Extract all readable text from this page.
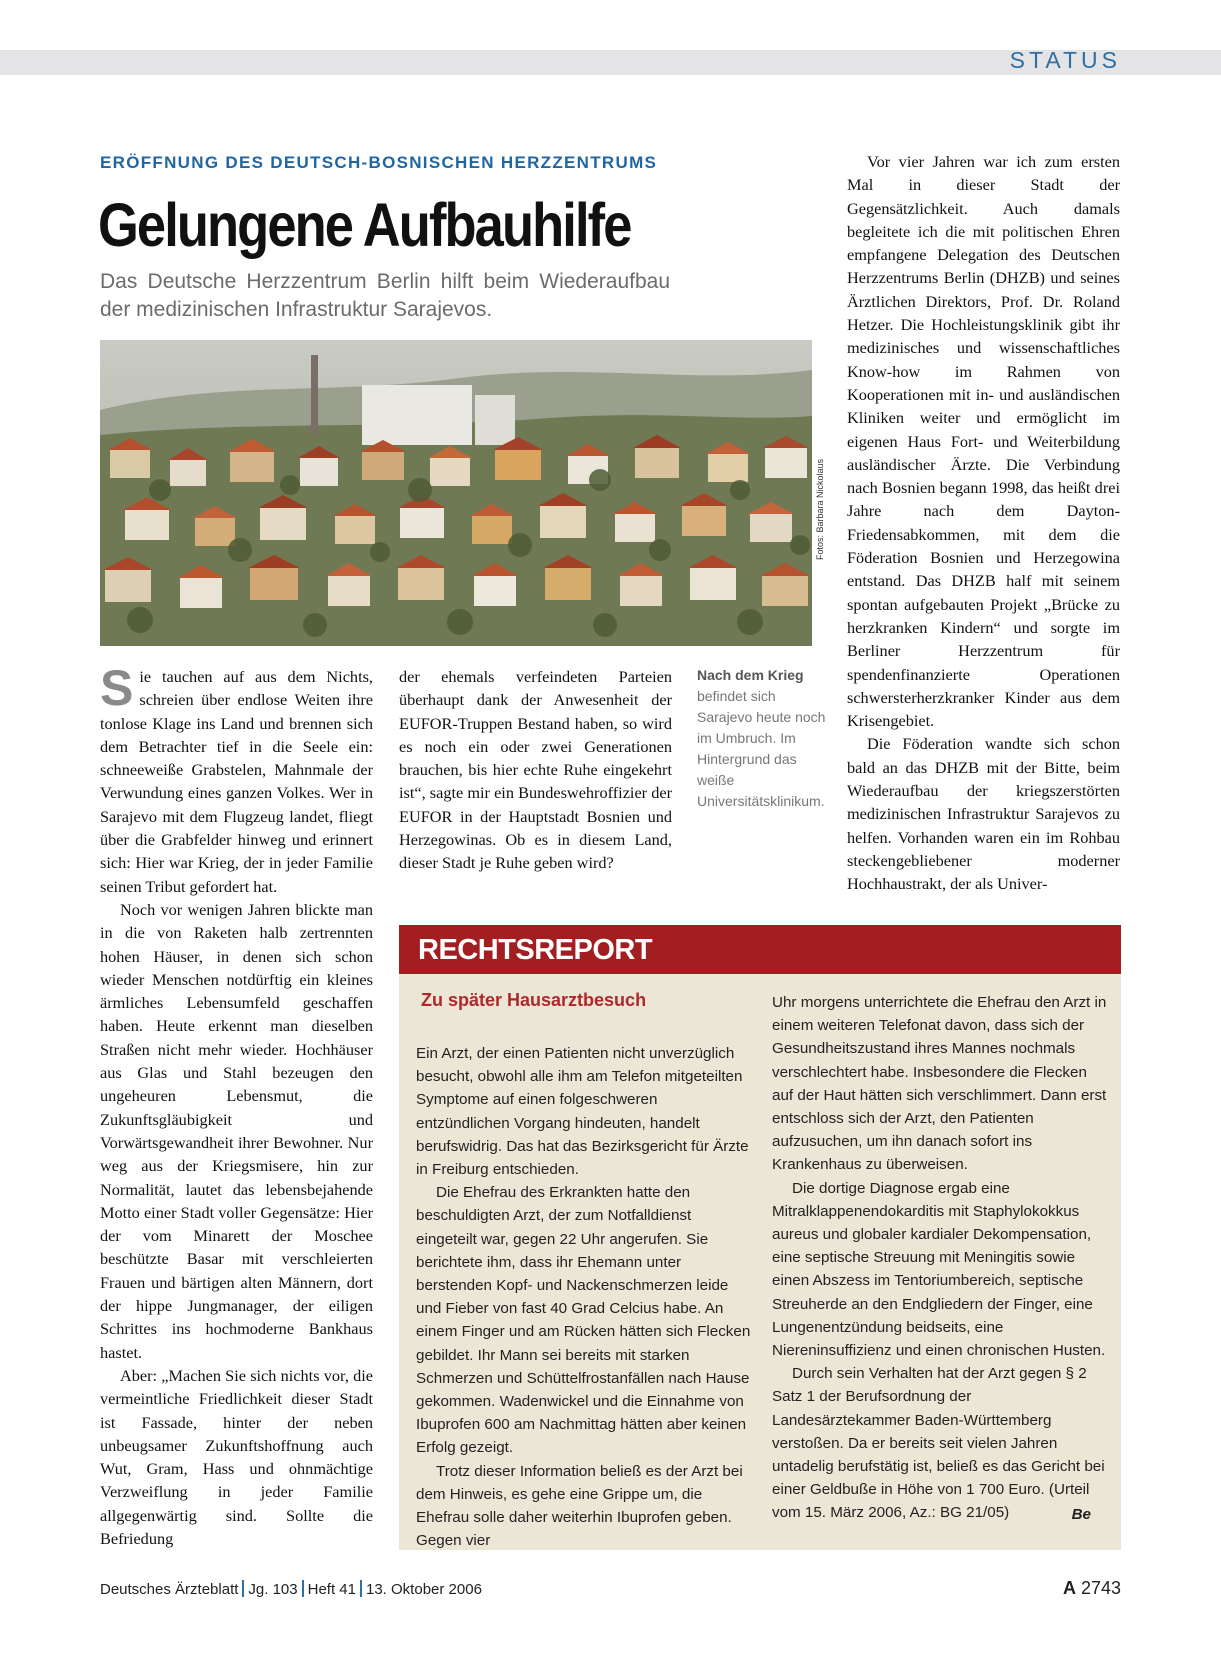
STATUS
ERÖFFNUNG DES DEUTSCH-BOSNISCHEN HERZZENTRUMS
Gelungene Aufbauhilfe
Das Deutsche Herzzentrum Berlin hilft beim Wiederaufbau der medizinischen Infrastruktur Sarajevos.
Fotos: Barbara Nickolaus

Sie tauchen auf aus dem Nichts, schreien über endlose Weiten ihre tonlose Klage ins Land und brennen sich dem Betrachter tief in die Seele ein: schneeweiße Grabstelen, Mahnmale der Verwundung eines ganzen Volkes. Wer in Sarajevo mit dem Flugzeug landet, fliegt über die Grabfelder hinweg und erinnert sich: Hier war Krieg, der in jeder Familie seinen Tribut gefordert hat.

Noch vor wenigen Jahren blickte man in die von Raketen halb zertrennten hohen Häuser, in denen sich schon wieder Menschen notdürftig ein kleines ärmliches Lebensumfeld geschaffen haben. Heute erkennt man dieselben Straßen nicht mehr wieder. Hochhäuser aus Glas und Stahl bezeugen den ungeheuren Lebensmut, die Zukunftsgläubigkeit und Vorwärtsgewandheit ihrer Bewohner. Nur weg aus der Kriegsmisere, hin zur Normalität, lautet das lebensbejahende Motto einer Stadt voller Gegensätze: Hier der vom Minarett der Moschee beschützte Basar mit verschleierten Frauen und bärtigen alten Männern, dort der hippe Jungmanager, der eiligen Schrittes ins hochmoderne Bankhaus hastet.

Aber: „Machen Sie sich nichts vor, die vermeintliche Friedlichkeit dieser Stadt ist Fassade, hinter der neben unbeugsamer Zukunftshoffnung auch Wut, Gram, Hass und ohnmächtige Verzweiflung in jeder Familie allgegenwärtig sind. Sollte die Befriedung

der ehemals verfeindeten Parteien überhaupt dank der Anwesenheit der EUFOR-Truppen Bestand haben, so wird es noch ein oder zwei Generationen brauchen, bis hier echte Ruhe eingekehrt ist“, sagte mir ein Bundeswehroffizier der EUFOR in der Hauptstadt Bosnien und Herzegowinas. Ob es in diesem Land, dieser Stadt je Ruhe geben wird?

Nach dem Krieg befindet sich Sarajevo heute noch im Umbruch. Im Hintergrund das weiße Universitätsklinikum.

Vor vier Jahren war ich zum ersten Mal in dieser Stadt der Gegensätzlichkeit. Auch damals begleitete ich die mit politischen Ehren empfangene Delegation des Deutschen Herzzentrums Berlin (DHZB) und seines Ärztlichen Direktors, Prof. Dr. Roland Hetzer. Die Hochleistungsklinik gibt ihr medizinisches und wissenschaftliches Know-how im Rahmen von Kooperationen mit in- und ausländischen Kliniken weiter und ermöglicht im eigenen Haus Fort- und Weiterbildung ausländischer Ärzte. Die Verbindung nach Bosnien begann 1998, das heißt drei Jahre nach dem Dayton-Friedensabkommen, mit dem die Föderation Bosnien und Herzegowina entstand. Das DHZB half mit seinem spontan aufgebauten Projekt „Brücke zu herzkranken Kindern“ und sorgte im Berliner Herzzentrum für spendenfinanzierte Operationen schwersterherzkranker Kinder aus dem Krisengebiet.

Die Föderation wandte sich schon bald an das DHZB mit der Bitte, beim Wiederaufbau der kriegszerstörten medizinischen Infrastruktur Sarajevos zu helfen. Vorhanden waren ein im Rohbau steckengebliebener moderner Hochhaustrakt, der als Univer-

RECHTSREPORT
Zu später Hausarztbesuch

Ein Arzt, der einen Patienten nicht unverzüglich besucht, obwohl alle ihm am Telefon mitgeteilten Symptome auf einen folgeschweren entzündlichen Vorgang hindeuten, handelt berufswidrig. Das hat das Bezirksgericht für Ärzte in Freiburg entschieden.

Die Ehefrau des Erkrankten hatte den beschuldigten Arzt, der zum Notfalldienst eingeteilt war, gegen 22 Uhr angerufen. Sie berichtete ihm, dass ihr Ehemann unter berstenden Kopf- und Nackenschmerzen leide und Fieber von fast 40 Grad Celcius habe. An einem Finger und am Rücken hätten sich Flecken gebildet. Ihr Mann sei bereits mit starken Schmerzen und Schüttelfrostanfällen nach Hause gekommen. Wadenwickel und die Einnahme von Ibuprofen 600 am Nachmittag hätten aber keinen Erfolg gezeigt.

Trotz dieser Information beließ es der Arzt bei dem Hinweis, es gehe eine Grippe um, die Ehefrau solle daher weiterhin Ibuprofen geben. Gegen vier

Uhr morgens unterrichtete die Ehefrau den Arzt in einem weiteren Telefonat davon, dass sich der Gesundheitszustand ihres Mannes nochmals verschlechtert habe. Insbesondere die Flecken auf der Haut hätten sich verschlimmert. Dann erst entschloss sich der Arzt, den Patienten aufzusuchen, um ihn danach sofort ins Krankenhaus zu überweisen.

Die dortige Diagnose ergab eine Mitralklappenendokarditis mit Staphylokokkus aureus und globaler kardialer Dekompensation, eine septische Streuung mit Meningitis sowie einen Abszess im Tentoriumbereich, septische Streuherde an den Endgliedern der Finger, eine Lungenentzündung beidseits, eine Niereninsuffizienz und einen chronischen Husten.

Durch sein Verhalten hat der Arzt gegen § 2 Satz 1 der Berufsordnung der Landesärztekammer Baden-Württemberg verstoßen. Da er bereits seit vielen Jahren untadelig berufstätig ist, beließ es das Gericht bei einer Geldbuße in Höhe von 1 700 Euro. (Urteil vom 15. März 2006, Az.: BG 21/05)	Be
Deutsches Ärzteblatt Jg. 103 Heft 41 13. Oktober 2006	A 2743
